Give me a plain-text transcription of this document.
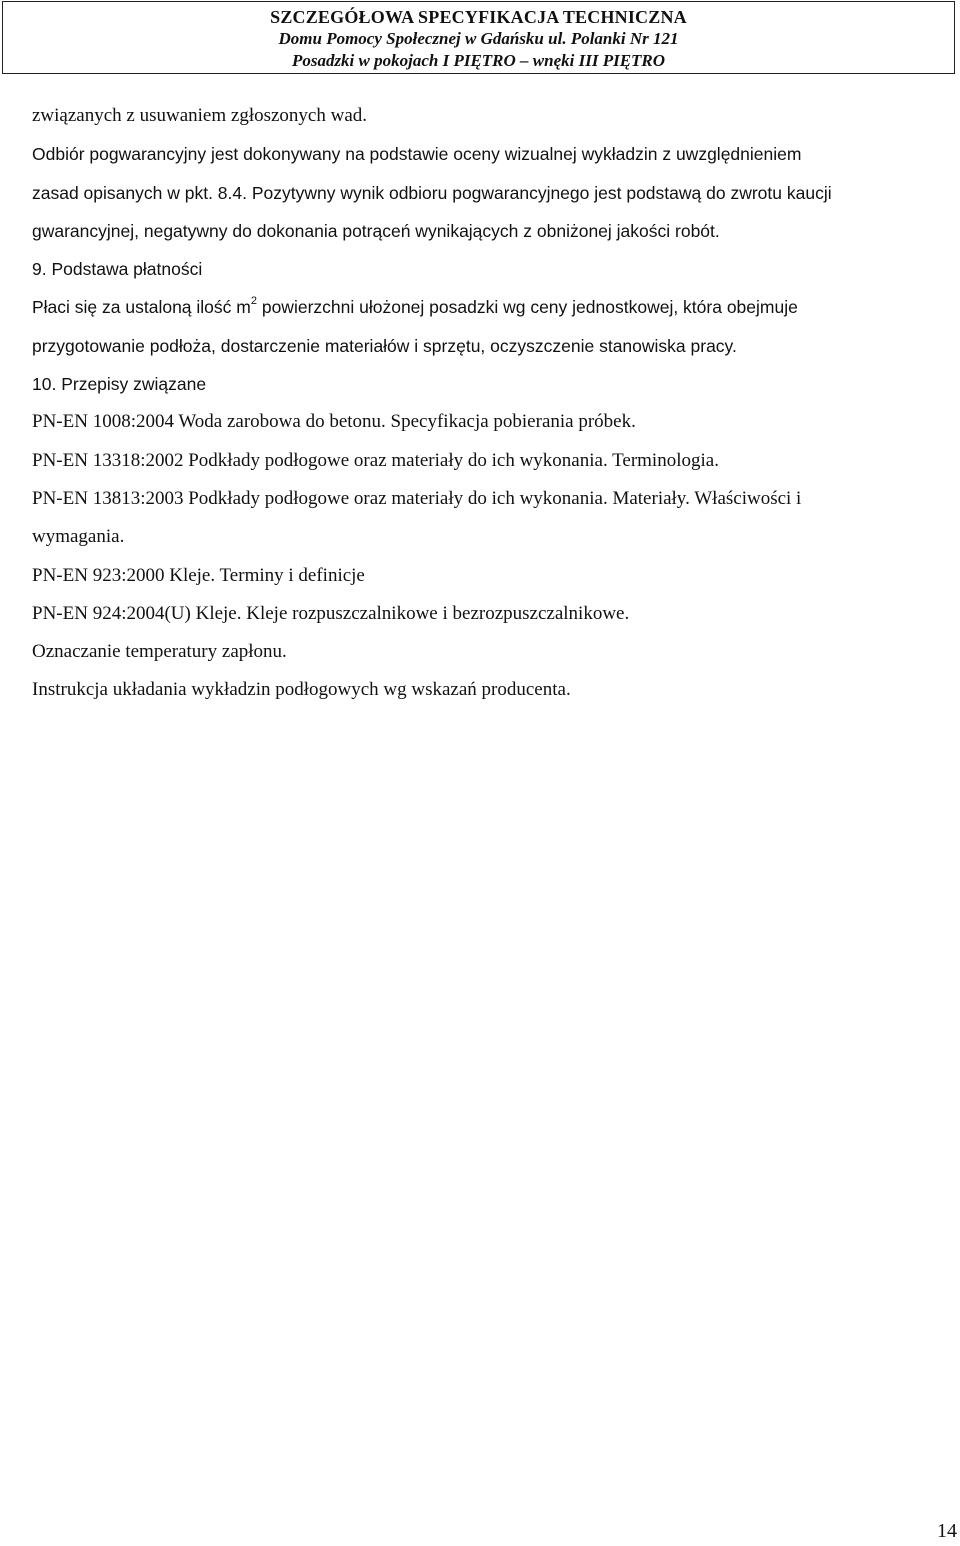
SZCZEGÓŁOWA SPECYFIKACJA TECHNICZNA
Domu Pomocy Społecznej w Gdańsku ul. Polanki Nr 121
Posadzki w pokojach I PIĘTRO – wnęki III PIĘTRO
związanych z usuwaniem zgłoszonych wad.
Odbiór pogwarancyjny jest dokonywany na podstawie oceny wizualnej wykładzin z uwzględnieniem
zasad opisanych w pkt. 8.4. Pozytywny wynik odbioru pogwarancyjnego jest podstawą do zwrotu kaucji
gwarancyjnej, negatywny do dokonania potrąceń wynikających z obniżonej jakości robót.
9. Podstawa płatności
Płaci się za ustaloną ilość $m^2$ powierzchni ułożonej posadzki wg ceny jednostkowej, która obejmuje
przygotowanie podłoża, dostarczenie materiałów i sprzętu, oczyszczenie stanowiska pracy.
10. Przepisy związane
PN-EN 1008:2004 Woda zarobowa do betonu. Specyfikacja pobierania próbek.
PN-EN 13318:2002 Podkłady podłogowe oraz materiały do ich wykonania. Terminologia.
PN-EN 13813:2003 Podkłady podłogowe oraz materiały do ich wykonania. Materiały. Właściwości i
wymagania.
PN-EN 923:2000 Kleje. Terminy i definicje
PN-EN 924:2004(U) Kleje. Kleje rozpuszczalnikowe i bezrozpuszczalnikowe.
Oznaczanie temperatury zapłonu.
Instrukcja układania wykładzin podłogowych wg wskazań producenta.
14
